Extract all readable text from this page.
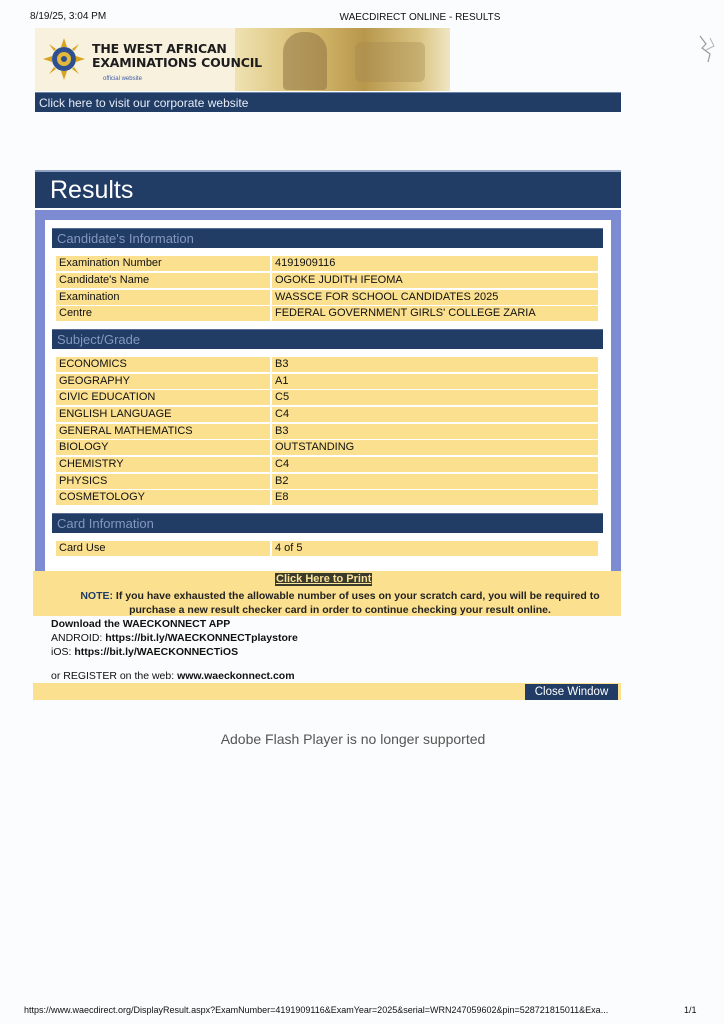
8/19/25, 3:04 PM	WAECDIRECT ONLINE - RESULTS
THE WEST AFRICAN
EXAMINATIONS COUNCIL
official website
Click here to visit our corporate website
Results
Candidate's Information
Examination Number	4191909116
Candidate's Name	OGOKE JUDITH IFEOMA
Examination	WASSCE FOR SCHOOL CANDIDATES 2025
Centre	FEDERAL GOVERNMENT GIRLS' COLLEGE ZARIA
Subject/Grade
ECONOMICS	B3
GEOGRAPHY	A1
CIVIC EDUCATION	C5
ENGLISH LANGUAGE	C4
GENERAL MATHEMATICS	B3
BIOLOGY	OUTSTANDING
CHEMISTRY	C4
PHYSICS	B2
COSMETOLOGY	E8
Card Information
Card Use	4 of 5
Click Here to Print
NOTE: If you have exhausted the allowable number of uses on your scratch card, you will be required to purchase a new result checker card in order to continue checking your result online.
Download the WAECKONNECT APP
ANDROID: https://bit.ly/WAECKONNECTplaystore
iOS: https://bit.ly/WAECKONNECTiOS
or REGISTER on the web: www.waeckonnect.com
Close Window
Adobe Flash Player is no longer supported
https://www.waecdirect.org/DisplayResult.aspx?ExamNumber=4191909116&ExamYear=2025&serial=WRN247059602&pin=528721815011&Exa...	1/1
